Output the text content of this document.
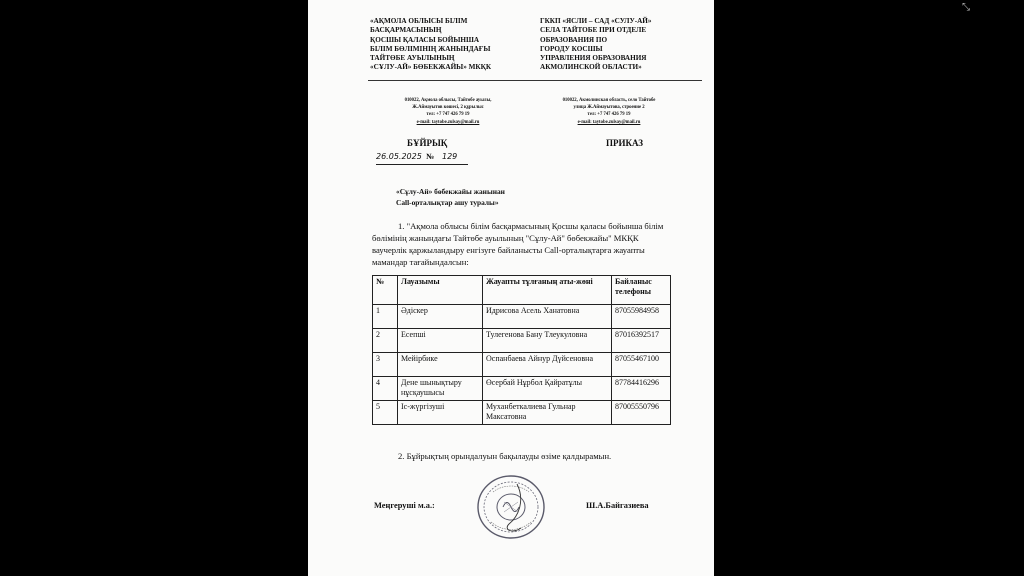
⤡
«АҚМОЛА ОБЛЫСЫ БІЛІМ
БАСҚАРМАСЫНЫҢ
ҚОСШЫ ҚАЛАСЫ БОЙЫНША
БІЛІМ БӨЛІМІНІҢ ЖАНЫНДАҒЫ
ТАЙТӨБЕ АУЫЛЫНЫҢ
«СҰЛУ-АЙ» БӨБЕКЖАЙЫ» МКҚК
ГККП «ЯСЛИ – САД «СУЛУ-АЙ»
СЕЛА ТАЙТОБЕ ПРИ ОТДЕЛЕ
ОБРАЗОВАНИЯ ПО
ГОРОДУ КОСШЫ
УПРАВЛЕНИЯ ОБРАЗОВАНИЯ
АКМОЛИНСКОЙ ОБЛАСТИ»
010022, Ақмола облысы, Тайтөбе ауылы,
Ж.Аймауытов көшесі, 2 құрылыс
тел: +7 747 426 79 19
e-mail: taytobe.zulsay@mail.ru
010022, Акмолинская область, село Тайтобе
улица Ж.Аймауытова, строение 2
тел: +7 747 426 79 19
e-mail: taytobe.zulsay@mail.ru
БҰЙРЫҚ	ПРИКАЗ
26.05.2025 № 129
«Сұлу-Ай» бөбекжайы жанынан
Call-орталықтар ашу туралы»
1. "Ақмола облысы білім басқармасының Қосшы қаласы бойынша білім
бөлімінің жанындағы Тайтөбе ауылының "Сұлу-Ай" бөбекжайы" МКҚК
ваучерлік қаржыландыру енгізуге байланысты Call-орталықтарға жауапты
мамандар тағайындалсын:
№	Лауазымы	Жауапты тұлғаның аты-жөні	Байланыс телефоны
1	Әдіскер	Идрисова Асель Ханатовна	87055984958
2	Есепші	Тулегенова Бану Тлеукуловна	87016392517
3	Мейірбике	Оспанбаева Айнур Дүйсеновна	87055467100
4	Дене шынықтыру нұсқаушысы	Өсербай Нұрбол Қайратұлы	87784416296
5	Іс-жүргізуші	Муханбеткалиева Гульнар Максатовна	87005550796
2. Бұйрықтың орындалуын бақылауды өзіме қалдырамын.
Меңгеруші м.а.:	Ш.А.Байгазиева
